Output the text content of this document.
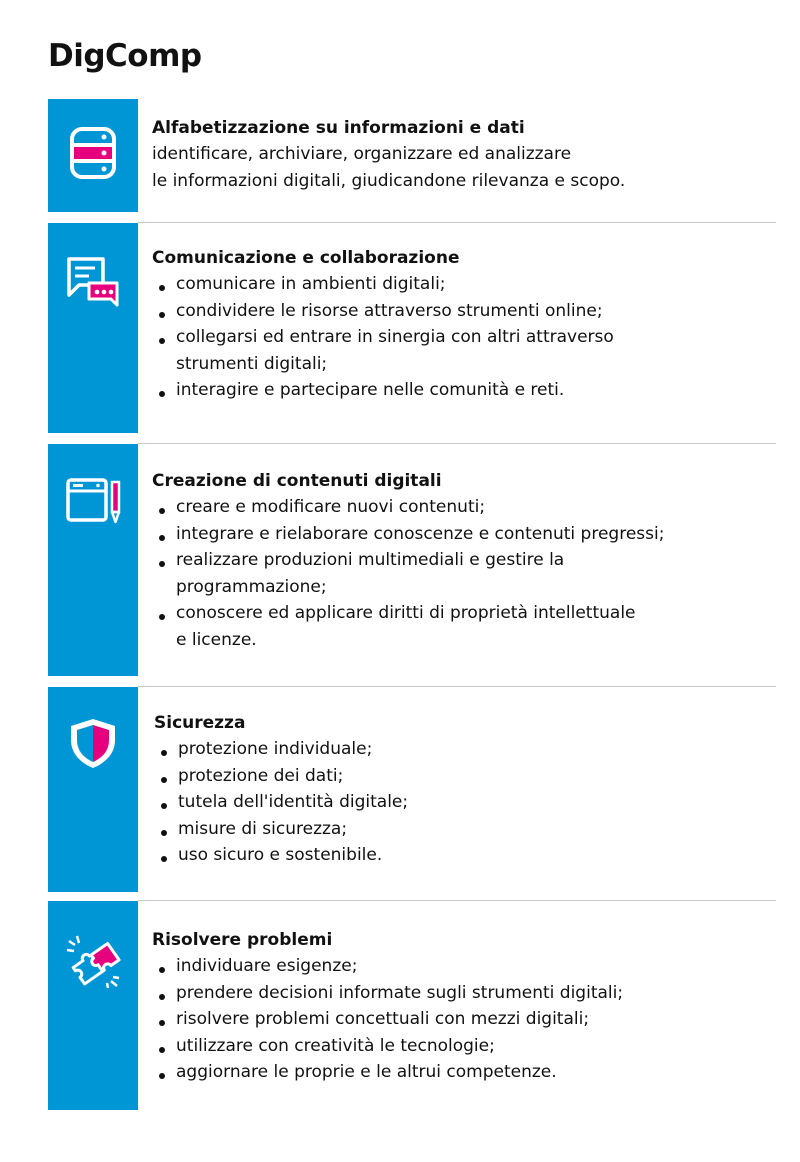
DigComp
Alfabetizzazione su informazioni e dati
identificare, archiviare, organizzare ed analizzare
le informazioni digitali, giudicandone rilevanza e scopo.
Comunicazione e collaborazione
comunicare in ambienti digitali;
condividere le risorse attraverso strumenti online;
collegarsi ed entrare in sinergia con altri attraverso strumenti digitali;
interagire e partecipare nelle comunità e reti.
Creazione di contenuti digitali
creare e modificare nuovi contenuti;
integrare e rielaborare conoscenze e contenuti pregressi;
realizzare produzioni multimediali e gestire la programmazione;
conoscere ed applicare diritti di proprietà intellettuale e licenze.
Sicurezza
protezione individuale;
protezione dei dati;
tutela dell'identità digitale;
misure di sicurezza;
uso sicuro e sostenibile.
Risolvere problemi
individuare esigenze;
prendere decisioni informate sugli strumenti digitali;
risolvere problemi concettuali con mezzi digitali;
utilizzare con creatività le tecnologie;
aggiornare le proprie e le altrui competenze.
